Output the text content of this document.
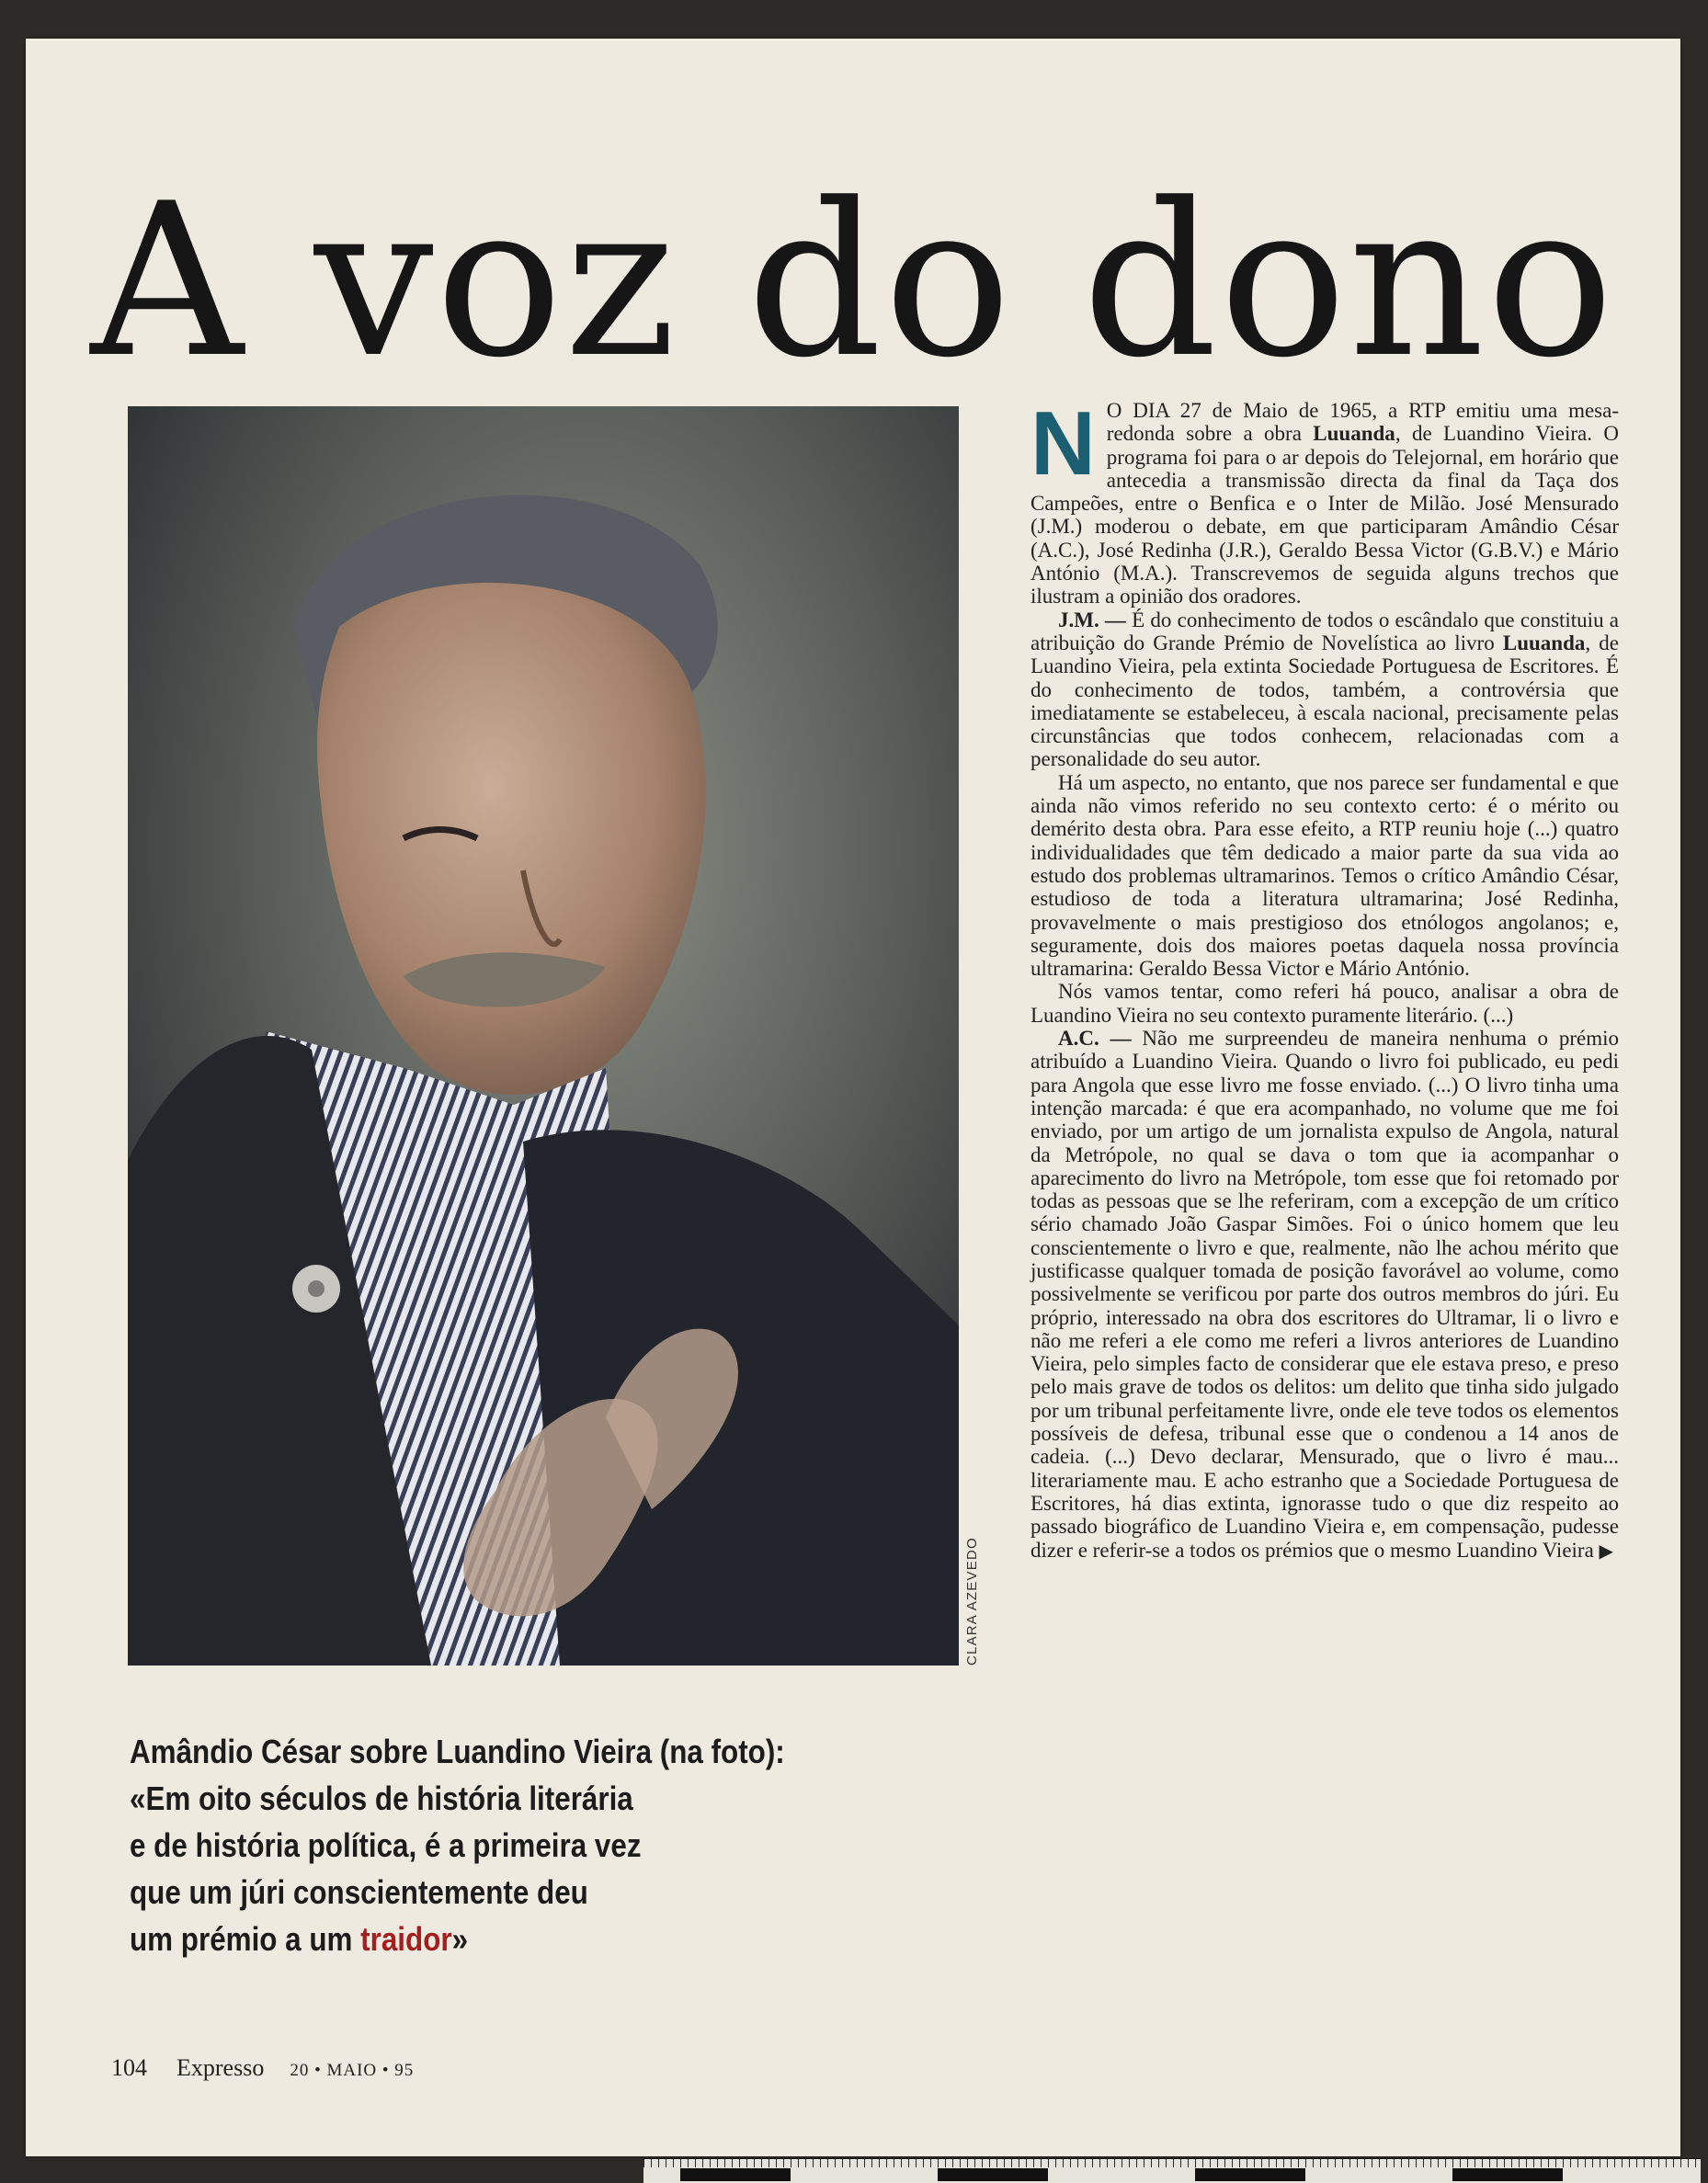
A voz do dono
CLARA AZEVEDO
Amândio César sobre Luandino Vieira (na foto):
«Em oito séculos de história literária
e de história política, é a primeira vez
que um júri conscientemente deu
um prémio a um traidor»

N O DIA 27 de Maio de 1965, a RTP emitiu uma mesa-redonda sobre a obra Luuanda, de Luandino Vieira. O programa foi para o ar depois do Telejornal, em horário que antecedia a transmissão directa da final da Taça dos Campeões, entre o Benfica e o Inter de Milão. José Mensurado (J.M.) moderou o debate, em que participaram Amândio César (A.C.), José Redinha (J.R.), Geraldo Bessa Victor (G.B.V.) e Mário António (M.A.). Transcrevemos de seguida alguns trechos que ilustram a opinião dos oradores.

J.M. — É do conhecimento de todos o escândalo que constituiu a atribuição do Grande Prémio de Novelística ao livro Luuanda, de Luandino Vieira, pela extinta Sociedade Portuguesa de Escritores. É do conhecimento de todos, também, a controvérsia que imediatamente se estabeleceu, à escala nacional, precisamente pelas circunstâncias que todos conhecem, relacionadas com a personalidade do seu autor.

Há um aspecto, no entanto, que nos parece ser fundamental e que ainda não vimos referido no seu contexto certo: é o mérito ou demérito desta obra. Para esse efeito, a RTP reuniu hoje (...) quatro individualidades que têm dedicado a maior parte da sua vida ao estudo dos problemas ultramarinos. Temos o crítico Amândio César, estudioso de toda a literatura ultramarina; José Redinha, provavelmente o mais prestigioso dos etnólogos angolanos; e, seguramente, dois dos maiores poetas daquela nossa província ultramarina: Geraldo Bessa Victor e Mário António.

Nós vamos tentar, como referi há pouco, analisar a obra de Luandino Vieira no seu contexto puramente literário. (...)

A.C. — Não me surpreendeu de maneira nenhuma o prémio atribuído a Luandino Vieira. Quando o livro foi publicado, eu pedi para Angola que esse livro me fosse enviado. (...) O livro tinha uma intenção marcada: é que era acompanhado, no volume que me foi enviado, por um artigo de um jornalista expulso de Angola, natural da Metrópole, no qual se dava o tom que ia acompanhar o aparecimento do livro na Metrópole, tom esse que foi retomado por todas as pessoas que se lhe referiram, com a excepção de um crítico sério chamado João Gaspar Simões. Foi o único homem que leu conscientemente o livro e que, realmente, não lhe achou mérito que justificasse qualquer tomada de posição favorável ao volume, como possivelmente se verificou por parte dos outros membros do júri. Eu próprio, interessado na obra dos escritores do Ultramar, li o livro e não me referi a ele como me referi a livros anteriores de Luandino Vieira, pelo simples facto de considerar que ele estava preso, e preso pelo mais grave de todos os delitos: um delito que tinha sido julgado por um tribunal perfeitamente livre, onde ele teve todos os elementos possíveis de defesa, tribunal esse que o condenou a 14 anos de cadeia. (...) Devo declarar, Mensurado, que o livro é mau... literariamente mau. E acho estranho que a Sociedade Portuguesa de Escritores, há dias extinta, ignorasse tudo o que diz respeito ao passado biográfico de Luandino Vieira e, em compensação, pudesse dizer e referir-se a todos os prémios que o mesmo Luandino Vieira ▶

104 Expresso 20 • MAIO • 95
